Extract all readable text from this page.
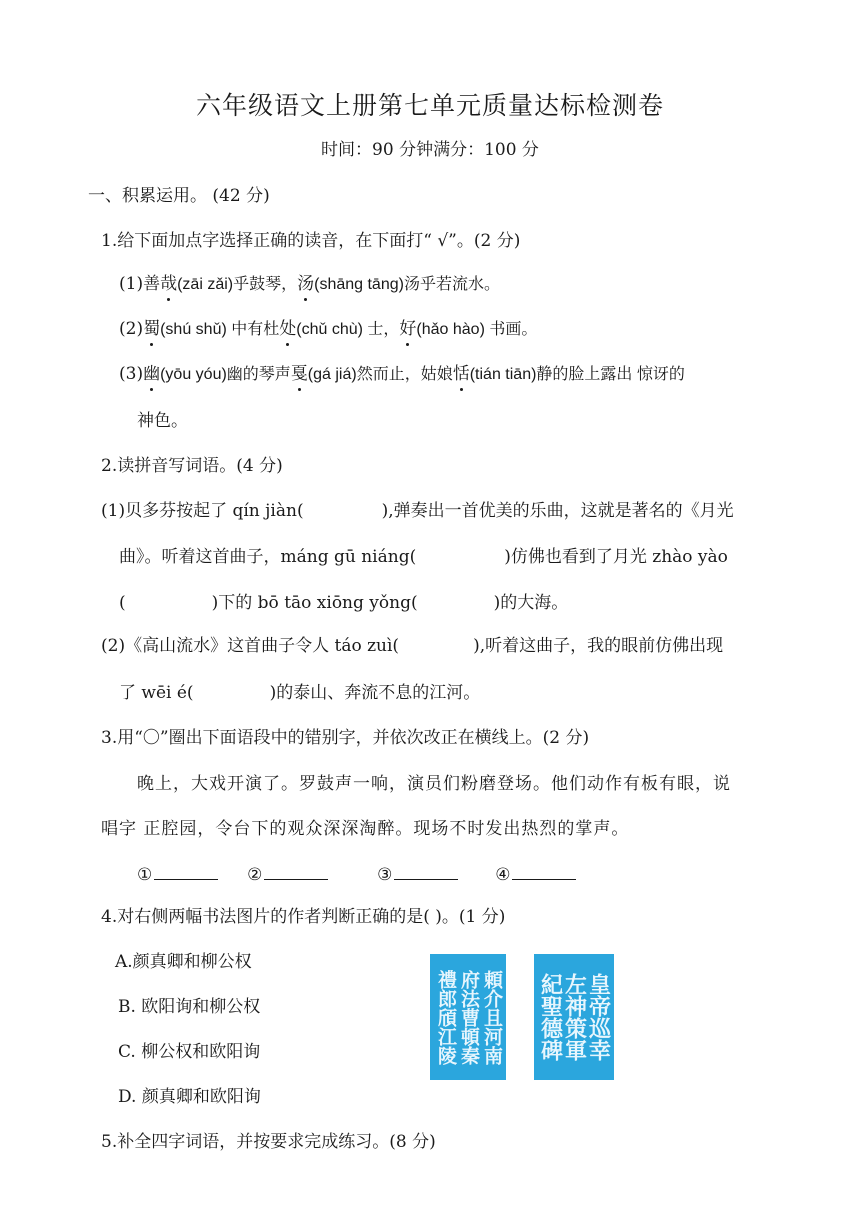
六年级语文上册第七单元质量达标检测卷
时间：90 分钟满分：100 分
一、积累运用。 (42 分)
1.给下面加点字选择正确的读音，在下面打“ √”。(2 分)
(1)善哉(zāi zǎi)乎鼓琴，汤(shāng tāng)汤乎若流水。
(2)蜀(shú shǔ) 中有杜处(chǔ chù) 士，好(hǎo hào) 书画。
(3)幽(yōu yóu)幽的琴声戛(gá jiá)然而止，姑娘恬(tián tiān)静的脸上露出 惊讶的
神色。
2.读拼音写词语。(4 分)
(1)贝多芬按起了 qín jiàn(	),弹奏出一首优美的乐曲，这就是著名的《月光
曲》。听着这首曲子，máng gū niáng(	)仿佛也看到了月光 zhào yào
(	)下的 bō tāo xiōng yǒng(	)的大海。
(2)《高山流水》这首曲子令人 táo zuì(	),听着这曲子，我的眼前仿佛出现
了 wēi é(	)的泰山、奔流不息的江河。
3.用“〇”圈出下面语段中的错别字，并依次改正在横线上。(2 分)
晚上，大戏开演了。罗鼓声一响，演员们粉磨登场。他们动作有板有眼，说
唱字 正腔园，令台下的观众深深淘醉。现场不时发出热烈的掌声。
①	②	③	④
4.对右侧两幅书法图片的作者判断正确的是( )。(1 分)
A.颜真卿和柳公权
B. 欧阳询和柳公权
C. 柳公权和欧阳询
D. 颜真卿和欧阳询
頼介且河南
府法曹頓秦
禮郎頎江陵	皇帝巡幸
左神策軍
紀聖德碑
5.补全四字词语，并按要求完成练习。(8 分)
